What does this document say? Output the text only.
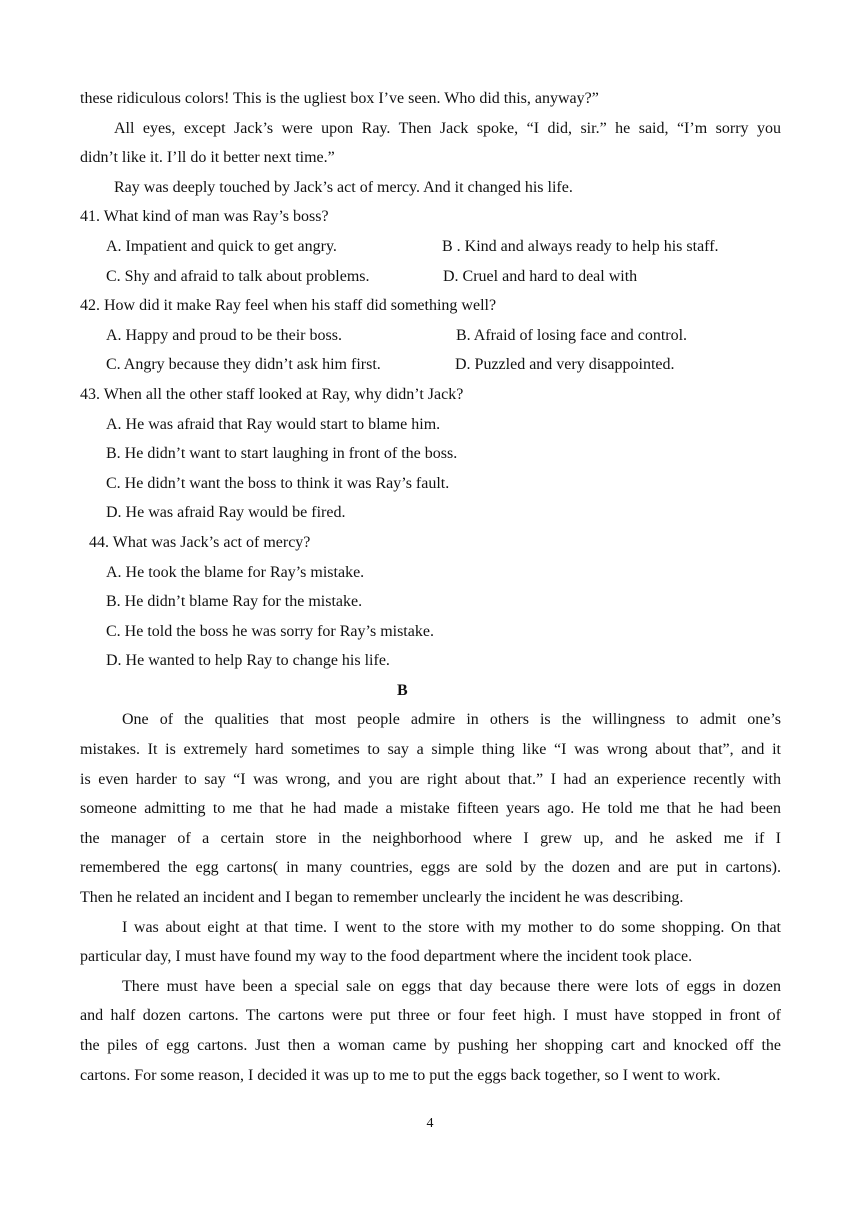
these ridiculous colors! This is the ugliest box I’ve seen. Who did this, anyway?”
All eyes, except Jack’s were upon Ray. Then Jack spoke, “I did, sir.” he said, “I’m sorry you
didn’t like it. I’ll do it better next time.”
Ray was deeply touched by Jack’s act of mercy. And it changed his life.
41. What kind of man was Ray’s boss?
A. Impatient and quick to get angry.	B . Kind and always ready to help his staff.
C. Shy and afraid to talk about problems.	D. Cruel and hard to deal with
42. How did it make Ray feel when his staff did something well?
A. Happy and proud to be their boss.	B. Afraid of losing face and control.
C. Angry because they didn’t ask him first.	D. Puzzled and very disappointed.
43. When all the other staff looked at Ray, why didn’t Jack?
A. He was afraid that Ray would start to blame him.
B. He didn’t want to start laughing in front of the boss.
C. He didn’t want the boss to think it was Ray’s fault.
D. He was afraid Ray would be fired.
44. What was Jack’s act of mercy?
A. He took the blame for Ray’s mistake.
B. He didn’t blame Ray for the mistake.
C. He told the boss he was sorry for Ray’s mistake.
D. He wanted to help Ray to change his life.
B
One of the qualities that most people admire in others is the willingness to admit one’s
mistakes. It is extremely hard sometimes to say a simple thing like “I was wrong about that”, and it
is even harder to say “I was wrong, and you are right about that.” I had an experience recently with
someone admitting to me that he had made a mistake fifteen years ago. He told me that he had been
the manager of a certain store in the neighborhood where I grew up, and he asked me if I
remembered the egg cartons( in many countries, eggs are sold by the dozen and are put in cartons).
Then he related an incident and I began to remember unclearly the incident he was describing.
I was about eight at that time. I went to the store with my mother to do some shopping. On that
particular day, I must have found my way to the food department where the incident took place.
There must have been a special sale on eggs that day because there were lots of eggs in dozen
and half dozen cartons. The cartons were put three or four feet high. I must have stopped in front of
the piles of egg cartons. Just then a woman came by pushing her shopping cart and knocked off the
cartons. For some reason, I decided it was up to me to put the eggs back together, so I went to work.
4
